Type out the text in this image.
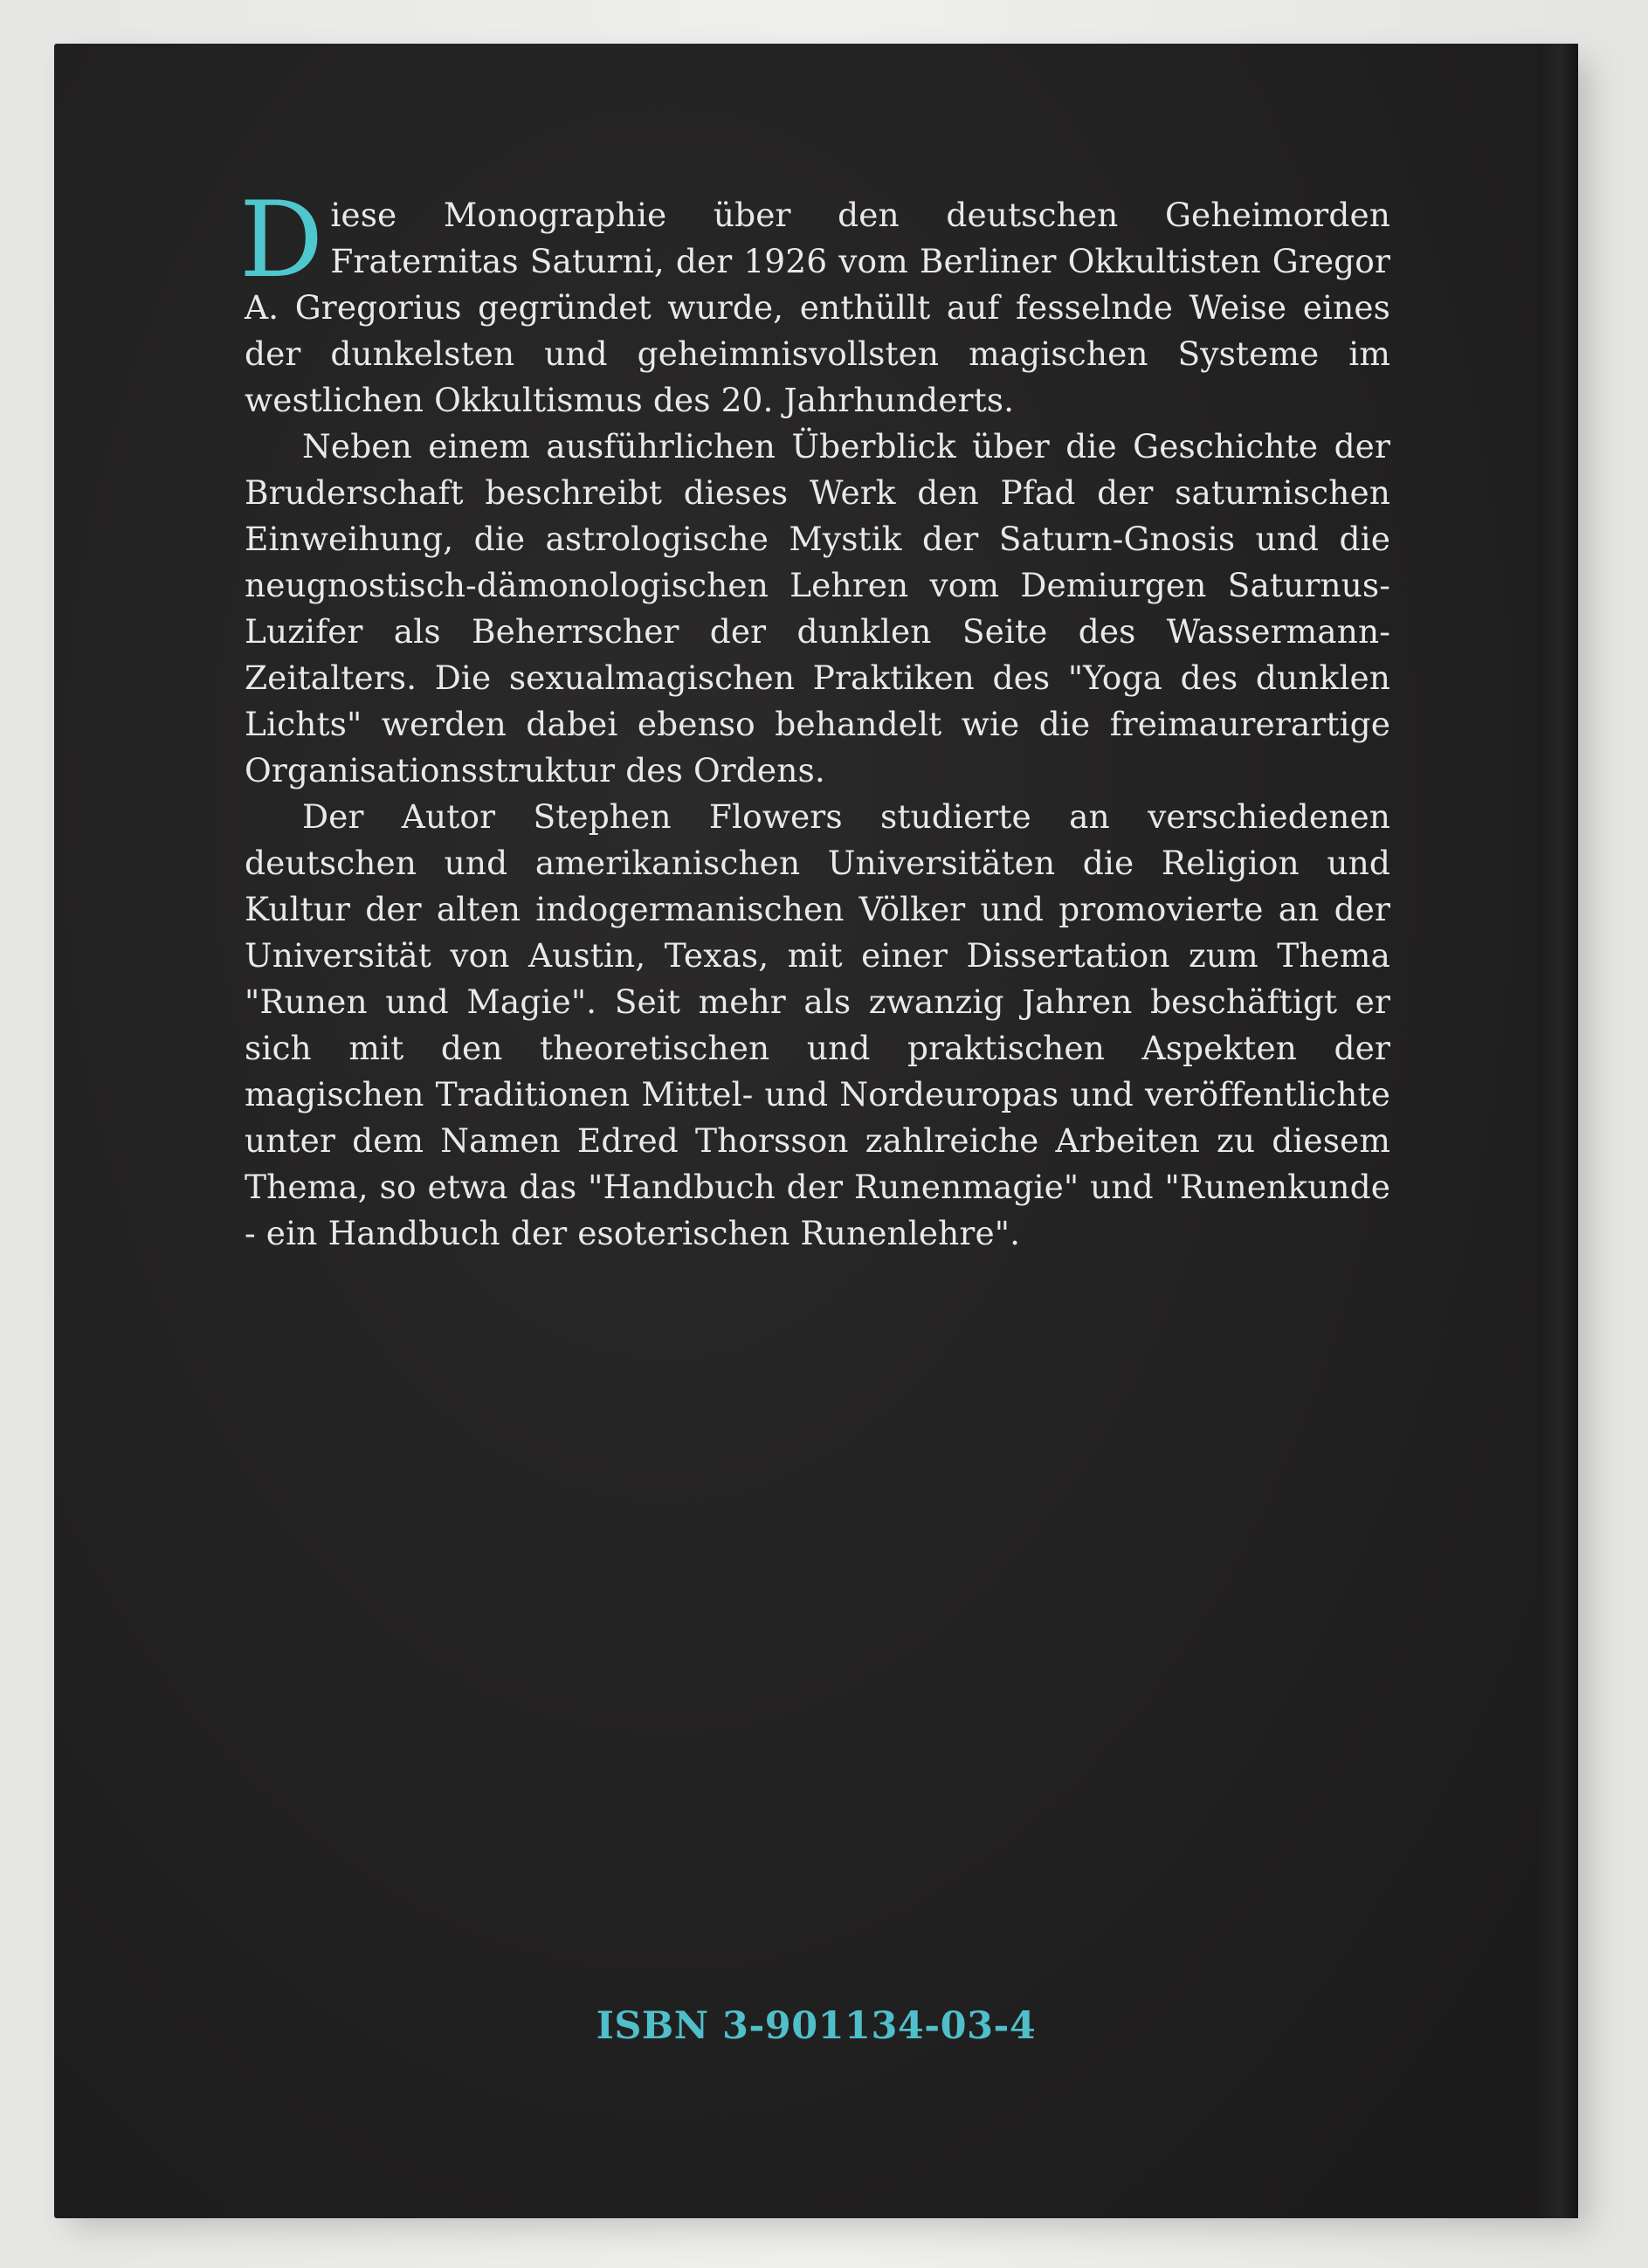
Diese Monographie über den deutschen Geheimorden Fraternitas Saturni, der 1926 vom Berliner Okkultisten Gregor A. Gregorius gegründet wurde, enthüllt auf fesselnde Weise eines der dunkelsten und geheimnisvollsten magischen Systeme im westlichen Okkultismus des 20. Jahrhunderts.

Neben einem ausführlichen Überblick über die Geschichte der Bruderschaft beschreibt dieses Werk den Pfad der saturnischen Einweihung, die astrologische Mystik der Saturn-Gnosis und die neugnostisch-dämonologischen Lehren vom Demiurgen Saturnus-Luzifer als Beherrscher der dunklen Seite des Wassermann-Zeitalters. Die sexualmagischen Praktiken des "Yoga des dunklen Lichts" werden dabei ebenso behandelt wie die freimaurerartige Organisationsstruktur des Ordens.

Der Autor Stephen Flowers studierte an verschiedenen deutschen und amerikanischen Universitäten die Religion und Kultur der alten indogermanischen Völker und promovierte an der Universität von Austin, Texas, mit einer Dissertation zum Thema "Runen und Magie". Seit mehr als zwanzig Jahren beschäftigt er sich mit den theoretischen und praktischen Aspekten der magischen Traditionen Mittel- und Nordeuropas und veröffentlichte unter dem Namen Edred Thorsson zahlreiche Arbeiten zu diesem Thema, so etwa das "Handbuch der Runenmagie" und "Runenkunde - ein Handbuch der esoterischen Runenlehre".

ISBN 3-901134-03-4
